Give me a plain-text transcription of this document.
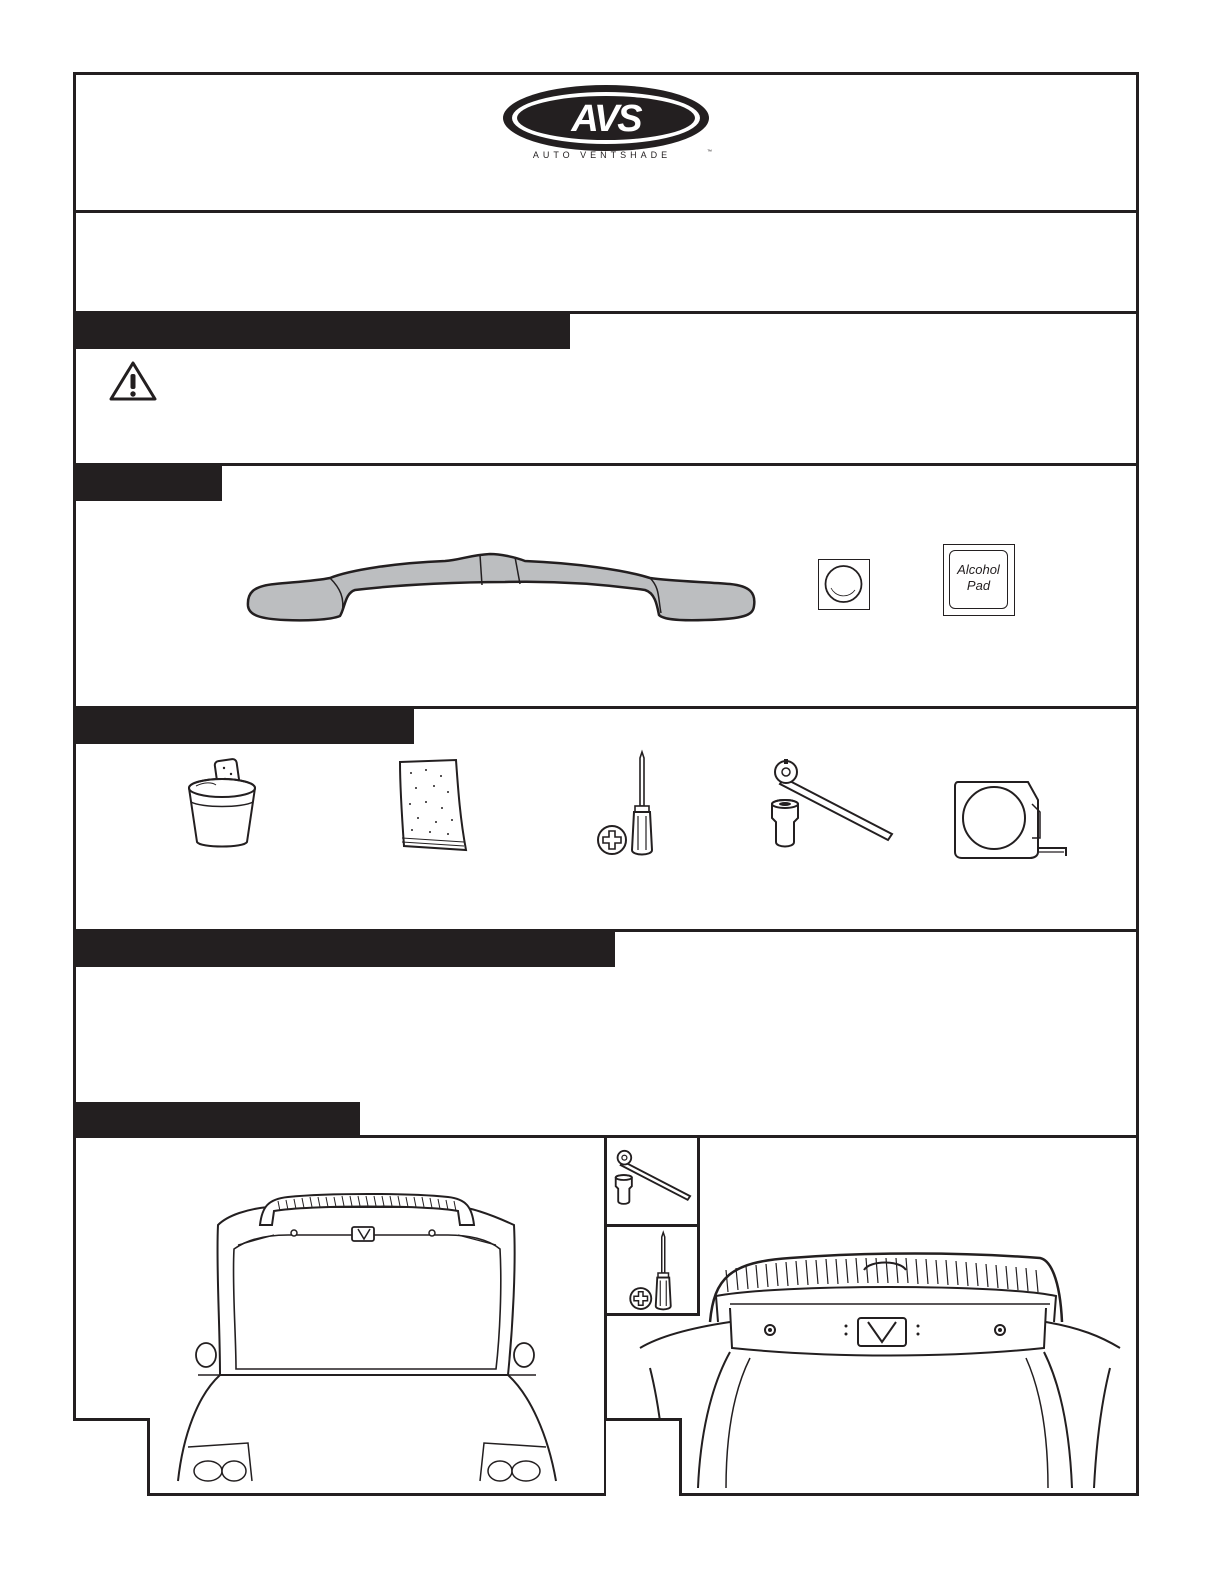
AVS
AUTO VENTSHADE	™
Alcohol
Pad
